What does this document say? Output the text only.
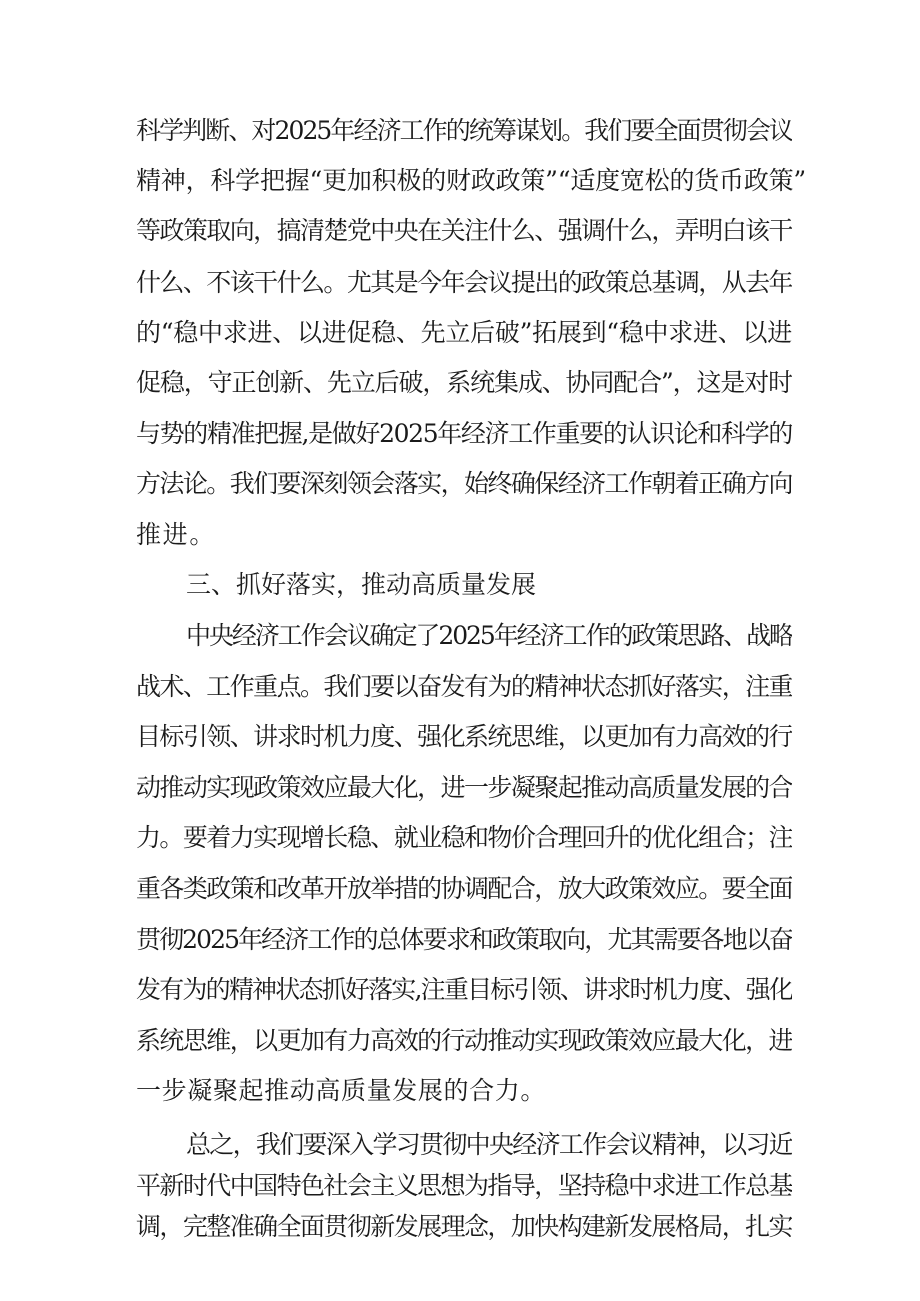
科学判断、对2025年经济工作的统筹谋划。我们要全面贯彻会议
精神，科学把握“更加积极的财政政策”“适度宽松的货币政策”
等政策取向，搞清楚党中央在关注什么、强调什么，弄明白该干
什么、不该干什么。尤其是今年会议提出的政策总基调，从去年
的“稳中求进、以进促稳、先立后破”拓展到“稳中求进、以进
促稳，守正创新、先立后破，系统集成、协同配合”，这是对时
与势的精准把握,是做好2025年经济工作重要的认识论和科学的
方法论。我们要深刻领会落实，始终确保经济工作朝着正确方向
推进。
三、抓好落实，推动高质量发展
中央经济工作会议确定了2025年经济工作的政策思路、战略
战术、工作重点。我们要以奋发有为的精神状态抓好落实，注重
目标引领、讲求时机力度、强化系统思维，以更加有力高效的行
动推动实现政策效应最大化，进一步凝聚起推动高质量发展的合
力。要着力实现增长稳、就业稳和物价合理回升的优化组合；注
重各类政策和改革开放举措的协调配合，放大政策效应。要全面
贯彻2025年经济工作的总体要求和政策取向，尤其需要各地以奋
发有为的精神状态抓好落实,注重目标引领、讲求时机力度、强化
系统思维，以更加有力高效的行动推动实现政策效应最大化，进
一步凝聚起推动高质量发展的合力。
总之，我们要深入学习贯彻中央经济工作会议精神，以习近
平新时代中国特色社会主义思想为指导，坚持稳中求进工作总基
调，完整准确全面贯彻新发展理念，加快构建新发展格局，扎实
